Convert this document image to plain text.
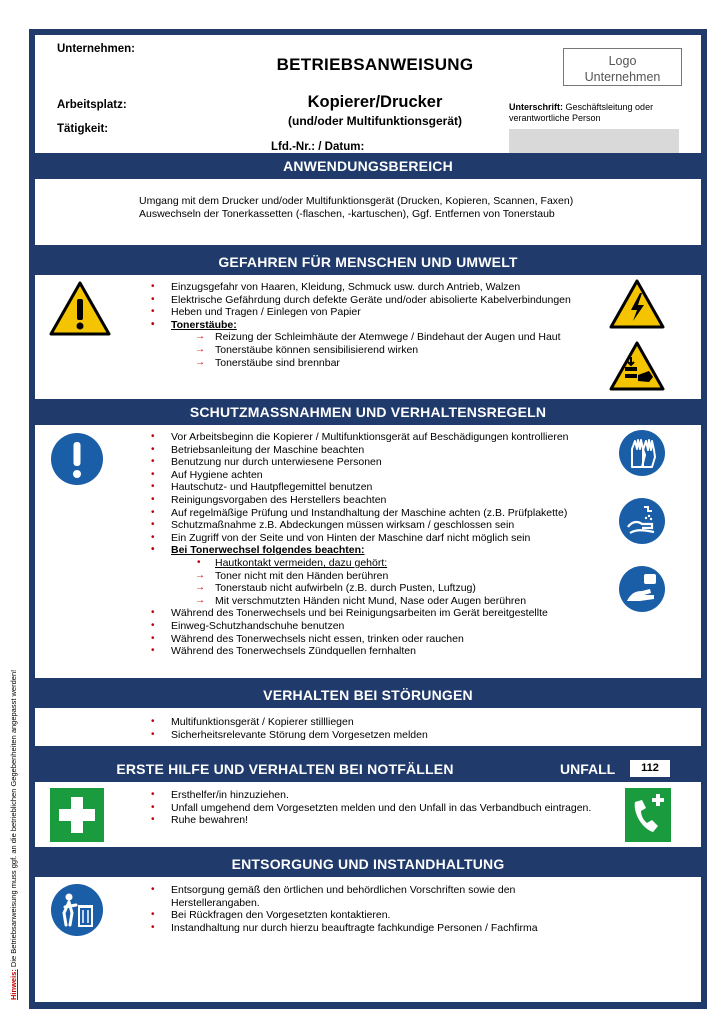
Hinweis: Die Betriebsanweisung muss ggf. an die betrieblichen Gegebenheiten angepasst werden!
Unternehmen:
Arbeitsplatz:
Tätigkeit:
BETRIEBSANWEISUNG
Kopierer/Drucker
(und/oder Multifunktionsgerät)
Lfd.-Nr.: / Datum:
Logo
Unternehmen
Unterschrift: Geschäftsleitung oder verantwortliche Person
ANWENDUNGSBEREICH
Umgang mit dem Drucker und/oder Multifunktionsgerät (Drucken, Kopieren, Scannen, Faxen)
Auswechseln der Tonerkassetten (-flaschen, -kartuschen), Ggf. Entfernen von Tonerstaub
GEFAHREN FÜR MENSCHEN UND UMWELT
• Einzugsgefahr von Haaren, Kleidung, Schmuck usw. durch Antrieb, Walzen
• Elektrische Gefährdung durch defekte Geräte und/oder abisolierte Kabelverbindungen
• Heben und Tragen / Einlegen von Papier
• Tonerstäube:
→ Reizung der Schleimhäute der Atemwege / Bindehaut der Augen und Haut
→ Tonerstäube können sensibilisierend wirken
→ Tonerstäube sind brennbar
SCHUTZMASSNAHMEN UND VERHALTENSREGELN
• Vor Arbeitsbeginn die Kopierer / Multifunktionsgerät auf Beschädigungen kontrollieren
• Betriebsanleitung der Maschine beachten
• Benutzung nur durch unterwiesene Personen
• Auf Hygiene achten
• Hautschutz- und Hautpflegemittel benutzen
• Reinigungsvorgaben des Herstellers beachten
• Auf regelmäßige Prüfung und Instandhaltung der Maschine achten (z.B. Prüfplakette)
• Schutzmaßnahme z.B. Abdeckungen müssen wirksam / geschlossen sein
• Ein Zugriff von der Seite und von Hinten der Maschine darf nicht möglich sein
• Bei Tonerwechsel folgendes beachten:
• Hautkontakt vermeiden, dazu gehört:
→ Toner nicht mit den Händen berühren
→ Tonerstaub nicht aufwirbeln (z.B. durch Pusten, Luftzug)
→ Mit verschmutzten Händen nicht Mund, Nase oder Augen berühren
• Während des Tonerwechsels und bei Reinigungsarbeiten im Gerät bereitgestellte
• Einweg-Schutzhandschuhe benutzen
• Während des Tonerwechsels nicht essen, trinken oder rauchen
• Während des Tonerwechsels Zündquellen fernhalten
VERHALTEN BEI STÖRUNGEN
• Multifunktionsgerät / Kopierer stillliegen
• Sicherheitsrelevante Störung dem Vorgesetzen melden
ERSTE HILFE UND VERHALTEN BEI NOTFÄLLEN	UNFALL	112
• Ersthelfer/in hinzuziehen.
• Unfall umgehend dem Vorgesetzten melden und den Unfall in das Verbandbuch eintragen.
• Ruhe bewahren!
ENTSORGUNG UND INSTANDHALTUNG
• Entsorgung gemäß den örtlichen und behördlichen Vorschriften sowie den Herstellerangaben.
• Bei Rückfragen den Vorgesetzten kontaktieren.
• Instandhaltung nur durch hierzu beauftragte fachkundige Personen / Fachfirma
